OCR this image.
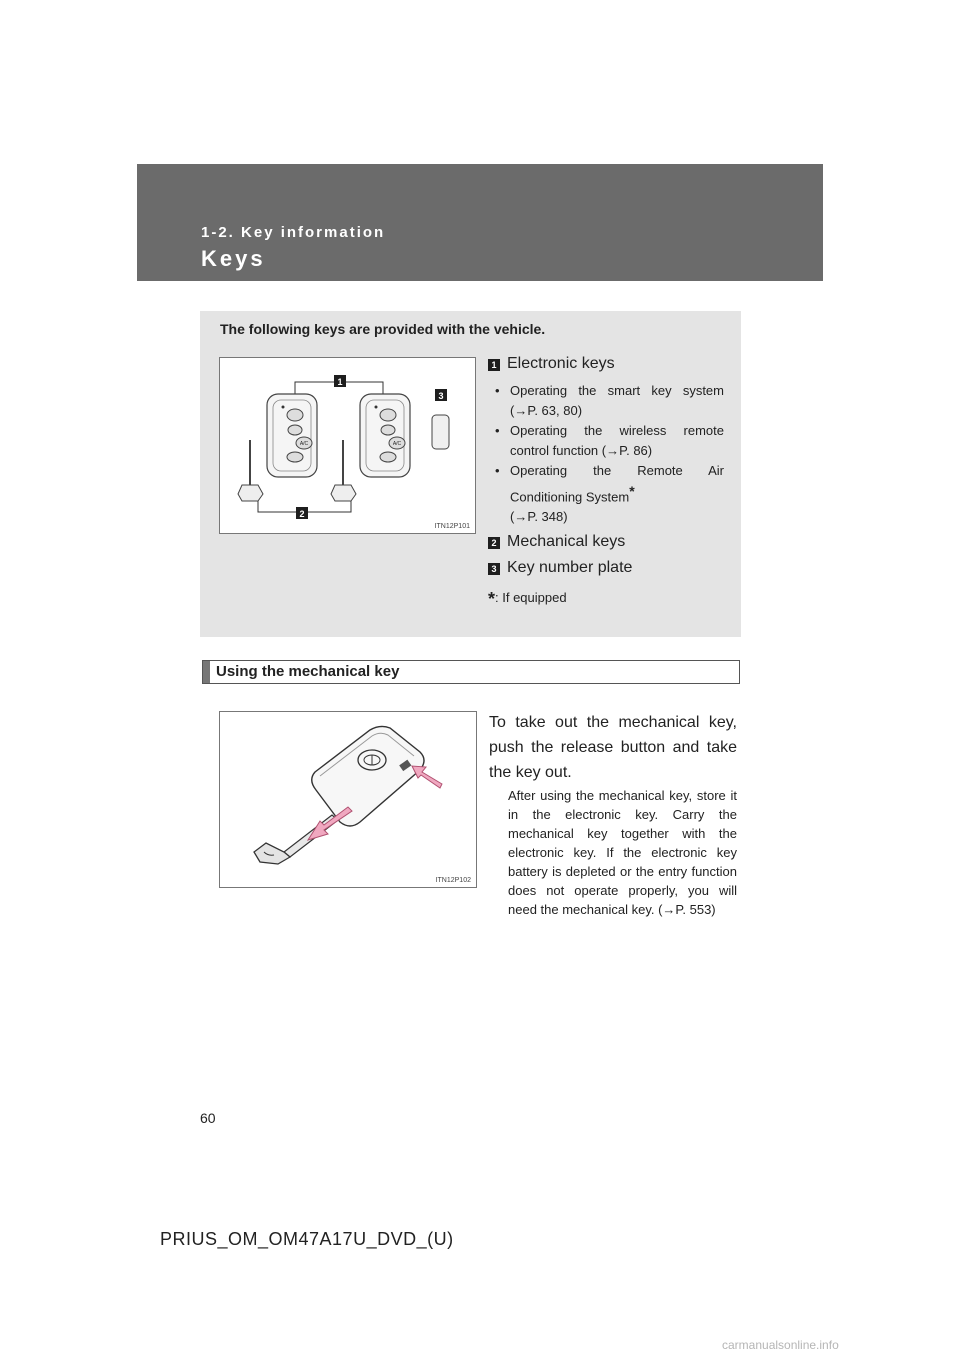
1-2. Key information
Keys
The following keys are provided with the vehicle.
1
A/C	A/C
2
3
ITN12P101
1 Electronic keys
• Operating the smart key system (→P. 63, 80)
• Operating the wireless remote control function (→P. 86)
• Operating the Remote Air Conditioning System*
(→P. 348)
2 Mechanical keys
3 Key number plate
*: If equipped
Using the mechanical key
ITN12P102
To take out the mechanical key, push the release button and take the key out.
After using the mechanical key, store it in the electronic key. Carry the mechanical key together with the electronic key. If the electronic key battery is depleted or the entry function does not operate properly, you will need the mechanical key. (→P. 553)
60
PRIUS_OM_OM47A17U_DVD_(U)
carmanualsonline.info
